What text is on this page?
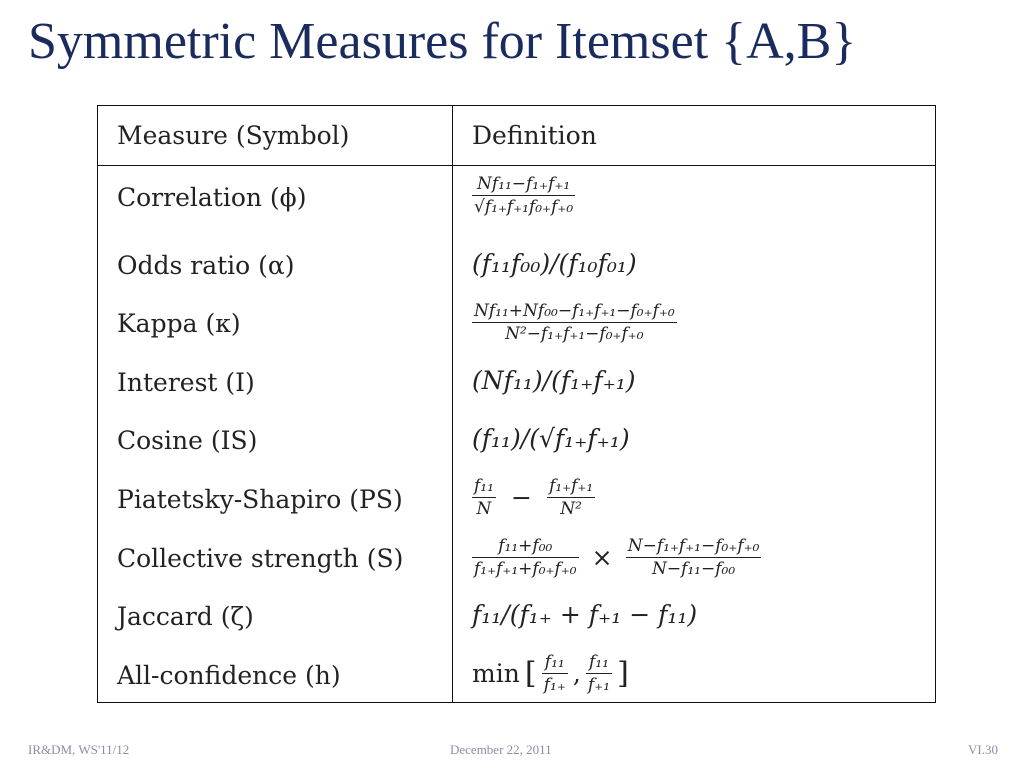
Symmetric Measures for Itemset {A,B}
Measure (Symbol)	Definition
Correlation (ϕ)	$\frac{\text{Nf₁₁−f₁₊f₊₁}}{\text{√f₁₊f₊₁f₀₊f₊₀}}$
Odds ratio (α)	(f₁₁f₀₀)/(f₁₀f₀₁)
Kappa (κ)	$\frac{\text{Nf₁₁+Nf₀₀−f₁₊f₊₁−f₀₊f₊₀}}{\text{N²−f₁₊f₊₁−f₀₊f₊₀}}$
Interest (I)	(Nf₁₁)/(f₁₊f₊₁)
Cosine (IS)	(f₁₁)/(√f₁₊f₊₁)
Piatetsky-Shapiro (PS)	$\frac{\text{f₁₁}}{N} - \frac{\text{f₁₊f₊₁}}{\text{N²}}$
Collective strength (S)	$\frac{\text{f₁₁+f₀₀}}{\text{f₁₊f₊₁+f₀₊f₊₀}} \times \frac{\text{N−f₁₊f₊₁−f₀₊f₊₀}}{\text{N−f₁₁−f₀₀}}$
Jaccard (ζ)	f₁₁/(f₁₊ + f₊₁ − f₁₁)
All-confidence (h)	min [ $\frac{\text{f₁₁}}{\text{f₁₊}}$ , $\frac{\text{f₁₁}}{\text{f₊₁}}$ ]
IR&DM, WS'11/12	December 22, 2011	VI.30
